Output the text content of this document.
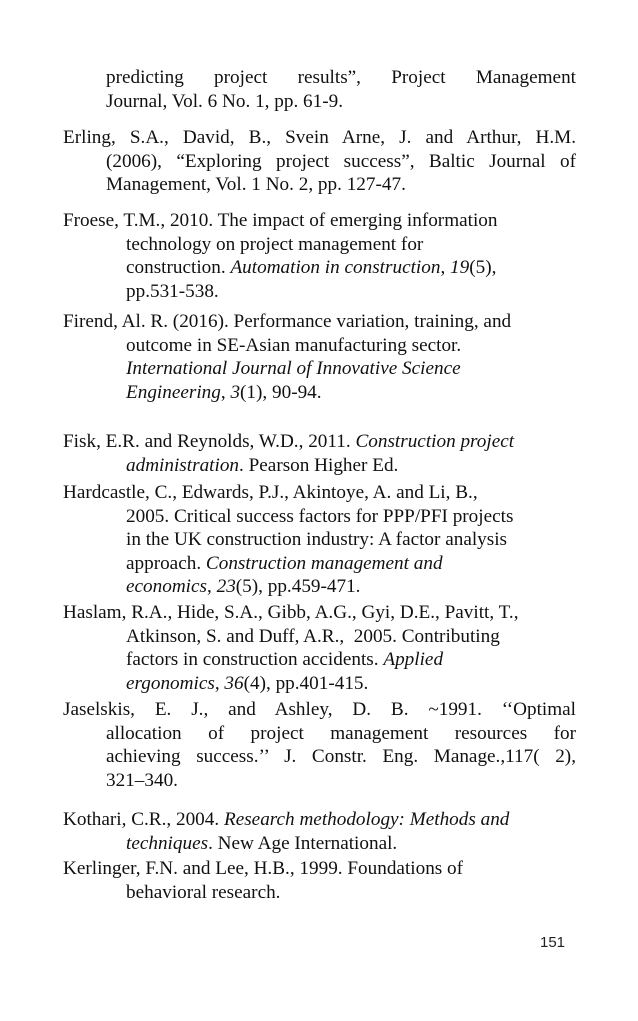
predicting project results”, Project Management
Journal, Vol. 6 No. 1, pp. 61-9.
Erling, S.A., David, B., Svein Arne, J. and Arthur, H.M.
(2006), “Exploring project success”, Baltic Journal of
Management, Vol. 1 No. 2, pp. 127-47.
Froese, T.M., 2010. The impact of emerging information
technology on project management for
construction. Automation in construction, 19(5),
pp.531-538.
Firend, Al. R. (2016). Performance variation, training, and
outcome in SE-Asian manufacturing sector.
International Journal of Innovative Science
Engineering, 3(1), 90-94.
Fisk, E.R. and Reynolds, W.D., 2011. Construction project
administration. Pearson Higher Ed.
Hardcastle, C., Edwards, P.J., Akintoye, A. and Li, B.,
2005. Critical success factors for PPP/PFI projects
in the UK construction industry: A factor analysis
approach. Construction management and
economics, 23(5), pp.459-471.
Haslam, R.A., Hide, S.A., Gibb, A.G., Gyi, D.E., Pavitt, T.,
Atkinson, S. and Duff, A.R.,  2005. Contributing
factors in construction accidents. Applied
ergonomics, 36(4), pp.401-415.
Jaselskis, E. J., and Ashley, D. B. ~1991. ‘‘Optimal
allocation of project management resources for
achieving success.’’ J. Constr. Eng. Manage.,117( 2),
321–340.
Kothari, C.R., 2004. Research methodology: Methods and
techniques. New Age International.
Kerlinger, F.N. and Lee, H.B., 1999. Foundations of
behavioral research.
151
